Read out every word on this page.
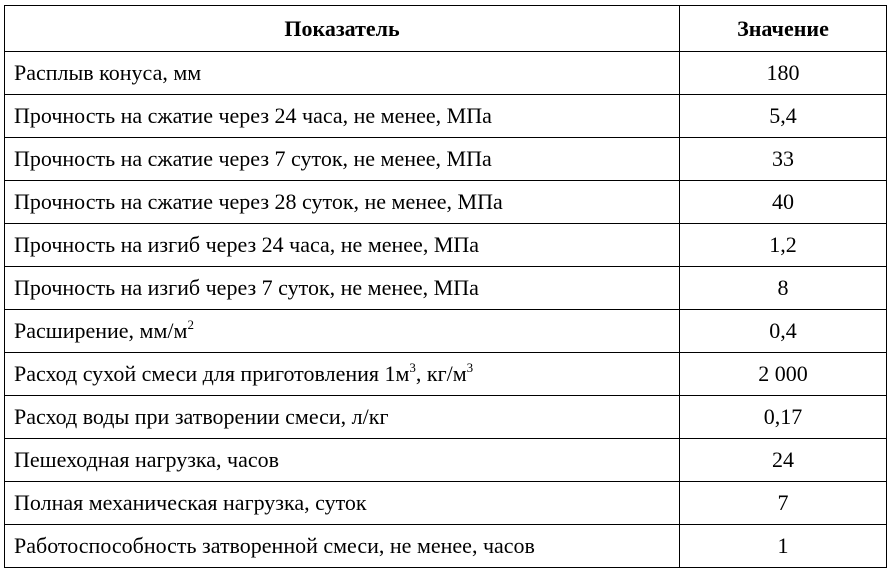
Показатель	Значение
Расплыв конуса, мм	180
Прочность на сжатие через 24 часа, не менее, МПа	5,4
Прочность на сжатие через 7 суток, не менее, МПа	33
Прочность на сжатие через 28 суток, не менее, МПа	40
Прочность на изгиб через 24 часа, не менее, МПа	1,2
Прочность на изгиб через 7 суток, не менее, МПа	8
Расширение, $мм/м^2$	0,4
Расход сухой смеси для приготовления $1м^3$, $кг/м^3$	2 000
Расход воды при затворении смеси, л/кг	0,17
Пешеходная нагрузка, часов	24
Полная механическая нагрузка, суток	7
Работоспособность затворенной смеси, не менее, часов	1
